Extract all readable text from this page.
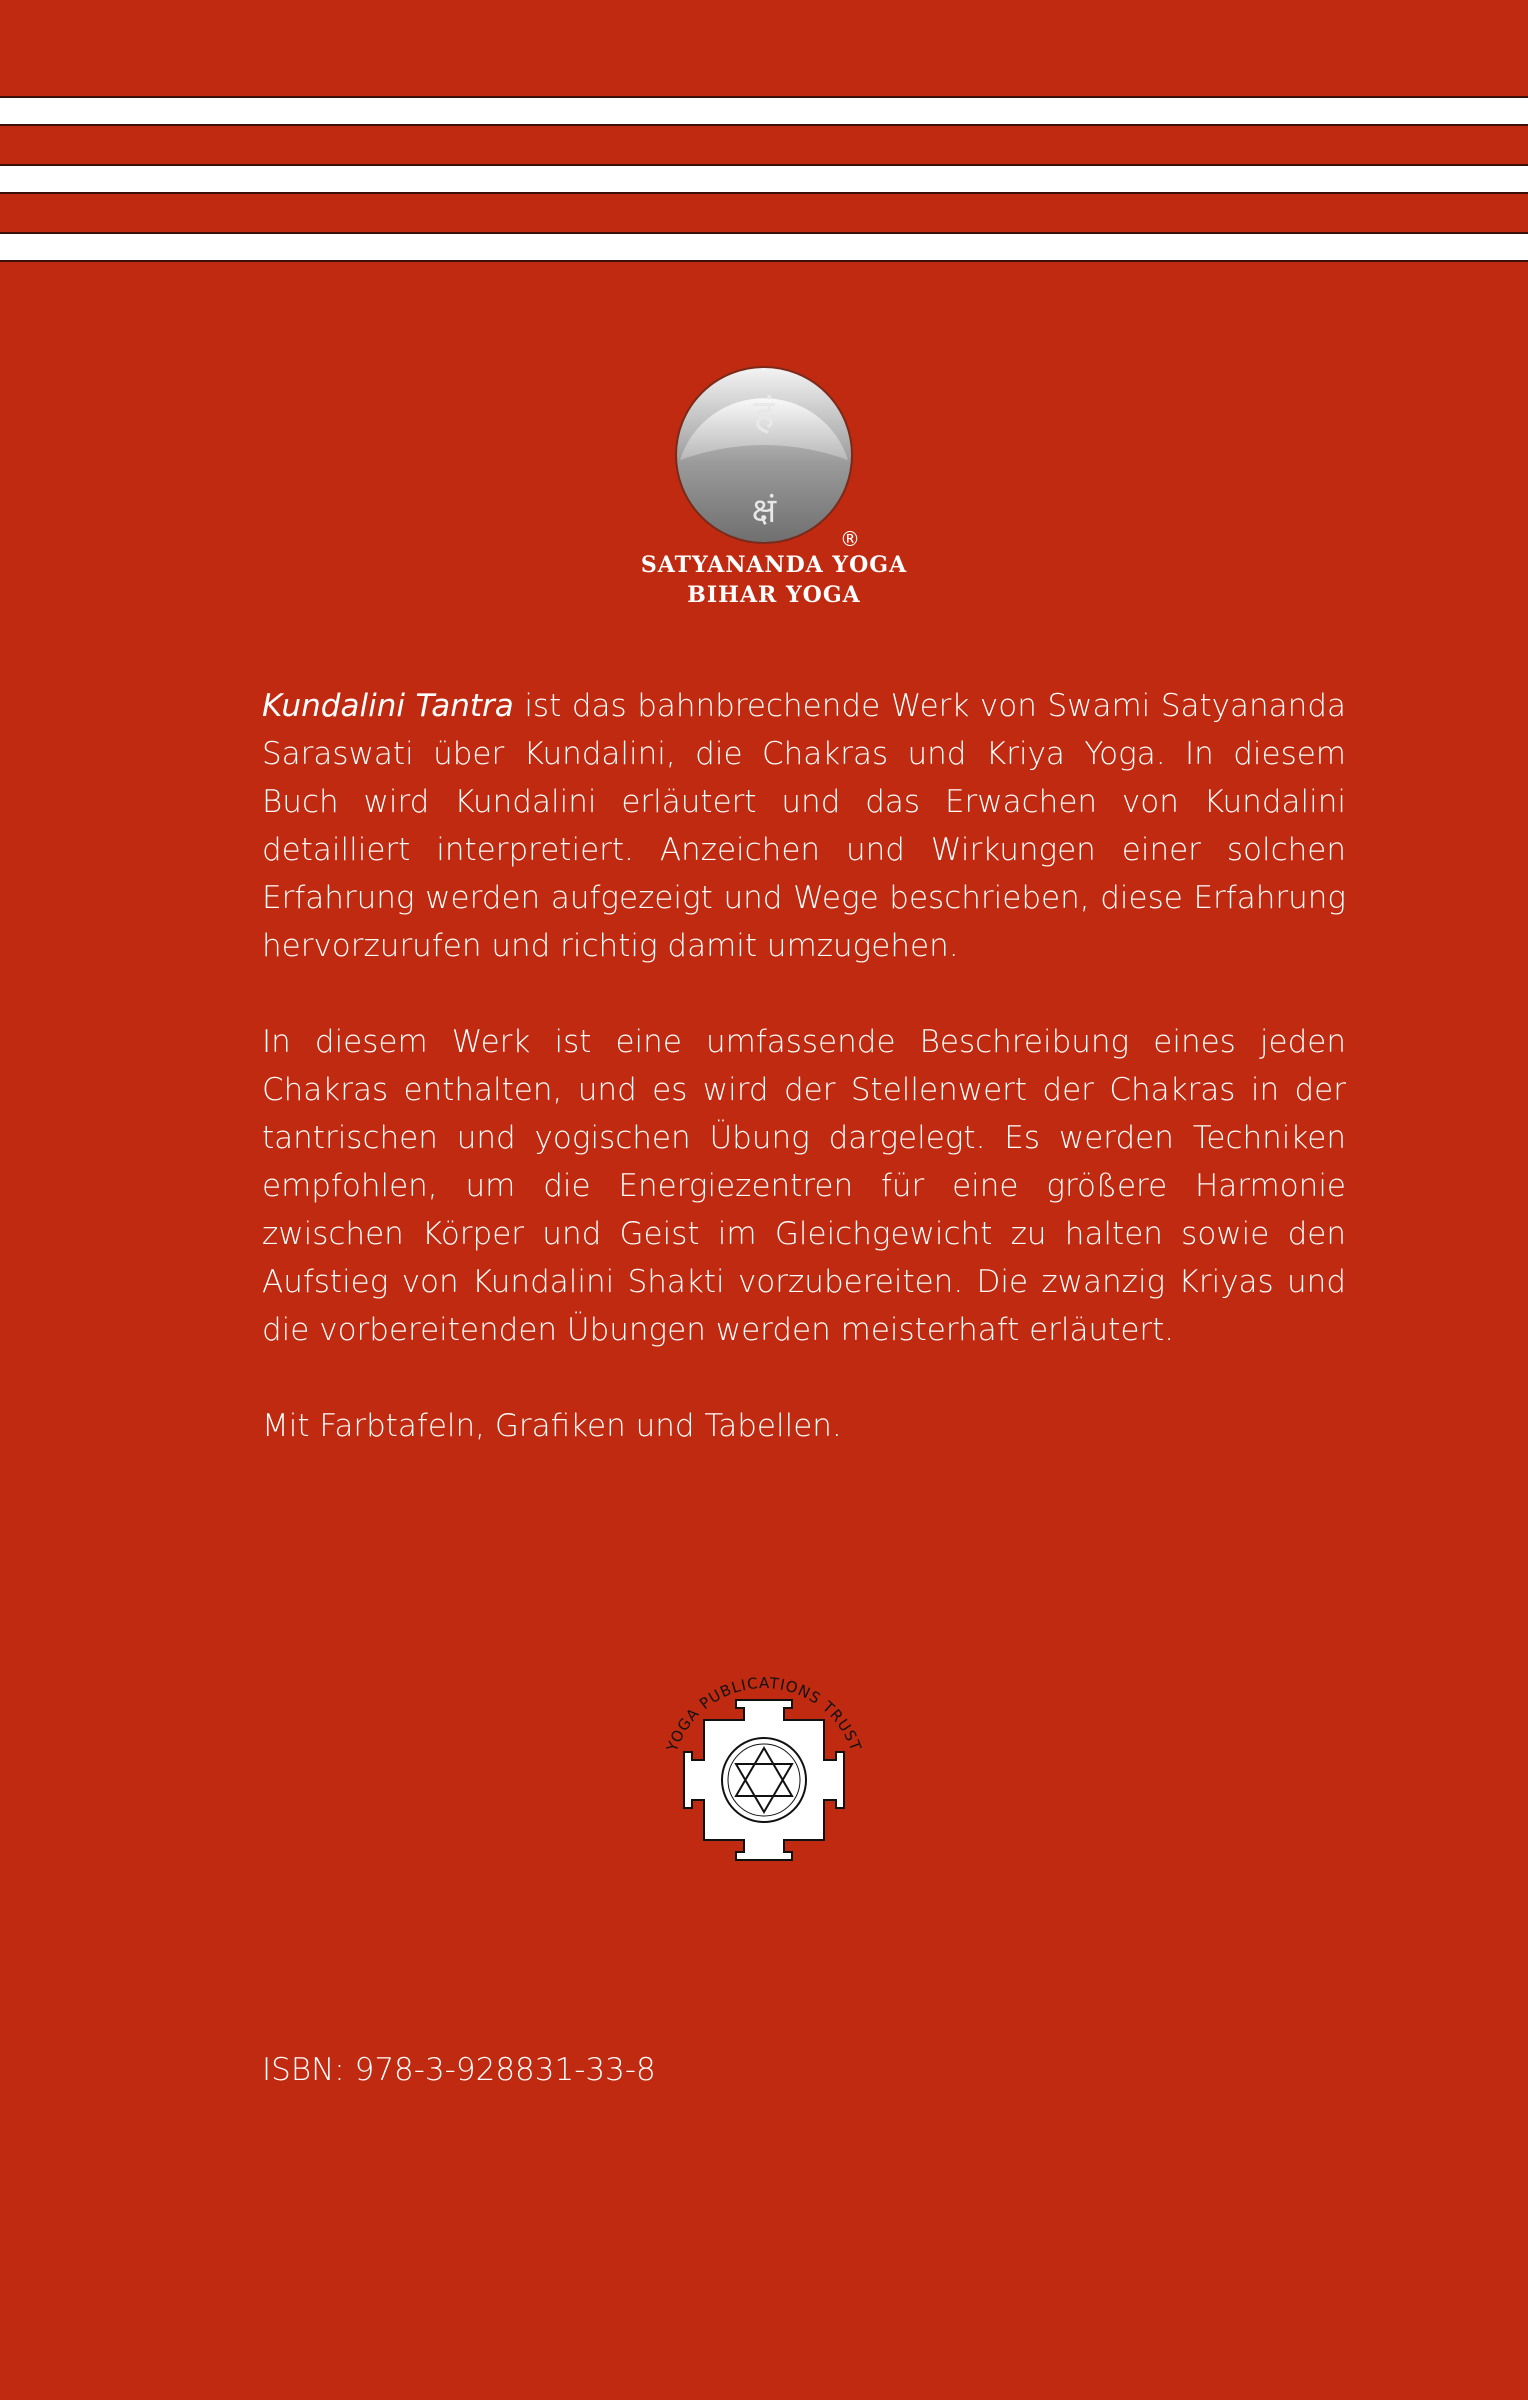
हं
क्षं
®
SATYANANDA YOGA
BIHAR YOGA

Kundalini Tantra ist das bahnbrechende Werk von Swami Satyananda Saraswati über Kundalini, die Chakras und Kriya Yoga. In diesem Buch wird Kundalini erläutert und das Erwachen von Kundalini detailliert interpretiert. Anzeichen und Wirkungen einer solchen Erfahrung werden aufgezeigt und Wege beschrieben, diese Erfahrung hervorzurufen und richtig damit umzugehen.

In diesem Werk ist eine umfassende Beschreibung eines jeden Chakras enthalten, und es wird der Stellenwert der Chakras in der tantrischen und yogischen Übung dargelegt. Es werden Techniken empfohlen, um die Energiezentren für eine größere Harmonie zwischen Körper und Geist im Gleichgewicht zu halten sowie den Aufstieg von Kundalini Shakti vorzubereiten. Die zwanzig Kriyas und die vorbereitenden Übungen werden meisterhaft erläutert.

Mit Farbtafeln, Grafiken und Tabellen.

YOGA PUBLICATIONS TRUST
ISBN: 978-3-928831-33-8
